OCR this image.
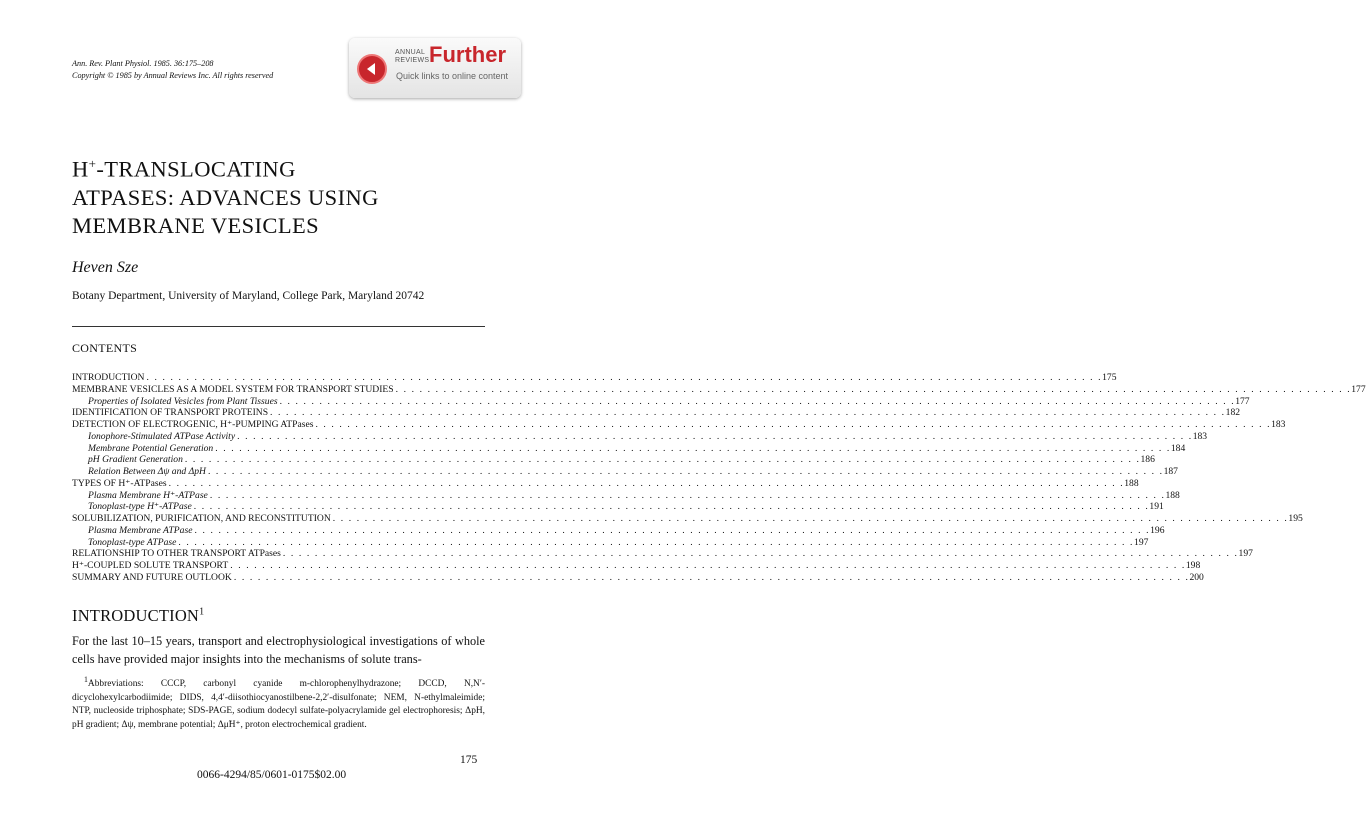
Ann. Rev. Plant Physiol. 1985. 36:175–208
Copyright © 1985 by Annual Reviews Inc. All rights reserved
ANNUAL
REVIEWS Further
Quick links to online content
H+-TRANSLOCATING
ATPASES: ADVANCES USING
MEMBRANE VESICLES
Heven Sze
Botany Department, University of Maryland, College Park, Maryland 20742
CONTENTS
INTRODUCTION . . . . . . . . . . . . . . . . . . . . . . . . . . . . . . . . . . . . . . . . . . . . . . . . . . . . . . . . . . . . . . . . . . . . . . . . . . . . . . . . . . . . . . . . . . . . . . . . . . . . . . . . . . . . . . . . . . . . . . . . 175
MEMBRANE VESICLES AS A MODEL SYSTEM FOR TRANSPORT STUDIES . . . . . . . . . . . . . . . . . . . . . . . . . . . . . . . . . . . . . . . . . . . . . . . . . . . . . . . . . . . . . . . . . . . . . . . . . . . . . . . . . . . . . . . . . . . . . . . . . . . . . . . . . . . . . . . . . . . . . . . . 177
Properties of Isolated Vesicles from Plant Tissues . . . . . . . . . . . . . . . . . . . . . . . . . . . . . . . . . . . . . . . . . . . . . . . . . . . . . . . . . . . . . . . . . . . . . . . . . . . . . . . . . . . . . . . . . . . . . . . . . . . . . . . . . . . . . . . . . . . . . . . . 177
IDENTIFICATION OF TRANSPORT PROTEINS . . . . . . . . . . . . . . . . . . . . . . . . . . . . . . . . . . . . . . . . . . . . . . . . . . . . . . . . . . . . . . . . . . . . . . . . . . . . . . . . . . . . . . . . . . . . . . . . . . . . . . . . . . . . . . . . . . . . . . . . 182
DETECTION OF ELECTROGENIC, H⁺-PUMPING ATPases . . . . . . . . . . . . . . . . . . . . . . . . . . . . . . . . . . . . . . . . . . . . . . . . . . . . . . . . . . . . . . . . . . . . . . . . . . . . . . . . . . . . . . . . . . . . . . . . . . . . . . . . . . . . . . . . . . . . . . . . 183
Ionophore-Stimulated ATPase Activity . . . . . . . . . . . . . . . . . . . . . . . . . . . . . . . . . . . . . . . . . . . . . . . . . . . . . . . . . . . . . . . . . . . . . . . . . . . . . . . . . . . . . . . . . . . . . . . . . . . . . . . . . . . . . . . . . . . . . . . . 183
Membrane Potential Generation . . . . . . . . . . . . . . . . . . . . . . . . . . . . . . . . . . . . . . . . . . . . . . . . . . . . . . . . . . . . . . . . . . . . . . . . . . . . . . . . . . . . . . . . . . . . . . . . . . . . . . . . . . . . . . . . . . . . . . . . 184
pH Gradient Generation . . . . . . . . . . . . . . . . . . . . . . . . . . . . . . . . . . . . . . . . . . . . . . . . . . . . . . . . . . . . . . . . . . . . . . . . . . . . . . . . . . . . . . . . . . . . . . . . . . . . . . . . . . . . . . . . . . . . . . . . 186
Relation Between Δψ and ΔpH . . . . . . . . . . . . . . . . . . . . . . . . . . . . . . . . . . . . . . . . . . . . . . . . . . . . . . . . . . . . . . . . . . . . . . . . . . . . . . . . . . . . . . . . . . . . . . . . . . . . . . . . . . . . . . . . . . . . . . . . 187
TYPES OF H⁺-ATPases . . . . . . . . . . . . . . . . . . . . . . . . . . . . . . . . . . . . . . . . . . . . . . . . . . . . . . . . . . . . . . . . . . . . . . . . . . . . . . . . . . . . . . . . . . . . . . . . . . . . . . . . . . . . . . . . . . . . . . . . 188
Plasma Membrane H⁺-ATPase . . . . . . . . . . . . . . . . . . . . . . . . . . . . . . . . . . . . . . . . . . . . . . . . . . . . . . . . . . . . . . . . . . . . . . . . . . . . . . . . . . . . . . . . . . . . . . . . . . . . . . . . . . . . . . . . . . . . . . . . 188
Tonoplast-type H⁺-ATPase . . . . . . . . . . . . . . . . . . . . . . . . . . . . . . . . . . . . . . . . . . . . . . . . . . . . . . . . . . . . . . . . . . . . . . . . . . . . . . . . . . . . . . . . . . . . . . . . . . . . . . . . . . . . . . . . . . . . . . . . 191
SOLUBILIZATION, PURIFICATION, AND RECONSTITUTION . . . . . . . . . . . . . . . . . . . . . . . . . . . . . . . . . . . . . . . . . . . . . . . . . . . . . . . . . . . . . . . . . . . . . . . . . . . . . . . . . . . . . . . . . . . . . . . . . . . . . . . . . . . . . . . . . . . . . . . . 195
Plasma Membrane ATPase . . . . . . . . . . . . . . . . . . . . . . . . . . . . . . . . . . . . . . . . . . . . . . . . . . . . . . . . . . . . . . . . . . . . . . . . . . . . . . . . . . . . . . . . . . . . . . . . . . . . . . . . . . . . . . . . . . . . . . . . 196
Tonoplast-type ATPase . . . . . . . . . . . . . . . . . . . . . . . . . . . . . . . . . . . . . . . . . . . . . . . . . . . . . . . . . . . . . . . . . . . . . . . . . . . . . . . . . . . . . . . . . . . . . . . . . . . . . . . . . . . . . . . . . . . . . . . . 197
RELATIONSHIP TO OTHER TRANSPORT ATPases . . . . . . . . . . . . . . . . . . . . . . . . . . . . . . . . . . . . . . . . . . . . . . . . . . . . . . . . . . . . . . . . . . . . . . . . . . . . . . . . . . . . . . . . . . . . . . . . . . . . . . . . . . . . . . . . . . . . . . . . 197
H⁺-COUPLED SOLUTE TRANSPORT . . . . . . . . . . . . . . . . . . . . . . . . . . . . . . . . . . . . . . . . . . . . . . . . . . . . . . . . . . . . . . . . . . . . . . . . . . . . . . . . . . . . . . . . . . . . . . . . . . . . . . . . . . . . . . . . . . . . . . . . 198
SUMMARY AND FUTURE OUTLOOK . . . . . . . . . . . . . . . . . . . . . . . . . . . . . . . . . . . . . . . . . . . . . . . . . . . . . . . . . . . . . . . . . . . . . . . . . . . . . . . . . . . . . . . . . . . . . . . . . . . . . . . . . . . . . . . . . . . . . . . . 200
INTRODUCTION$^1$
For the last 10–15 years, transport and electrophysiological investigations of whole cells have provided major insights into the mechanisms of solute trans-
$^1$Abbreviations: CCCP, carbonyl cyanide m-chlorophenylhydrazone; DCCD, N,N′-dicyclohexylcarbodiimide; DIDS, 4,4′-diisothiocyanostilbene-2,2′-disulfonate; NEM, N-ethylmaleimide; NTP, nucleoside triphosphate; SDS-PAGE, sodium dodecyl sulfate-polyacrylamide gel electrophoresis; ΔpH, pH gradient; Δψ, membrane potential; Δμ̃H⁺, proton electrochemical gradient.
175
0066-4294/85/0601-0175$02.00
